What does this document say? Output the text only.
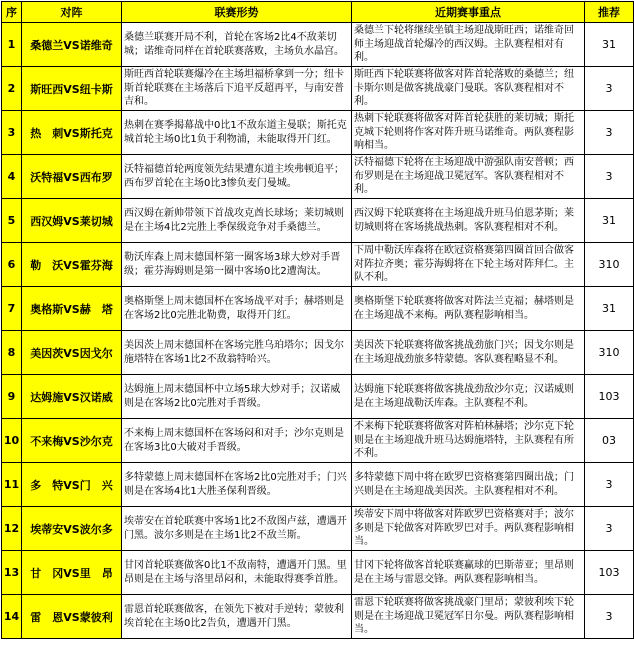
序	对阵	联赛形势	近期赛事重点	推荐
1	桑德兰VS诺维奇	桑德兰联赛开局不利，首轮在客场2比4不敌莱切城；诺维奇同样在首轮联赛落败，主场负水晶宫。	桑德兰下轮将继续坐镇主场迎战斯旺西；诺维奇回师主场迎战首轮爆冷的西汉姆。主队赛程相对有利。	31
2	斯旺西VS纽卡斯	斯旺西首轮联赛爆冷在主场坦福桥拿到一分；纽卡斯首轮联赛在主场落后下追平反超再平，与南安普吉和。	斯旺西下轮联赛将做客对阵首轮落败的桑德兰；纽卡斯尔则是做客挑战豪门曼联。客队赛程相对不利。	3
3	热　刺VS斯托克	热刺在赛季揭幕战中0比1不敌东道主曼联；斯托克城首轮主场0比1负于利物浦，未能取得开门红。	热刺下轮联赛将做客对阵首轮获胜的莱切城；斯托克城下轮则将作客对阵升班马诺维奇。两队赛程影响相当。	3
4	沃特福VS西布罗	沃特福德首轮两度领先结果遭东道主埃弗顿追平；西布罗首轮在主场0比3惨负麦门曼城。	沃特福德下轮将在主场迎战中游强队南安普顿；西布罗则是在主场迎战卫冕冠军。客队赛程相对不利。	3
5	西汉姆VS莱切城	西汉姆在新帅带领下首战攻克酋长球场；莱切城则是在主场4比2完胜上季保级竞争对手桑德兰。	西汉姆下轮联赛将在主场迎战升班马伯恩茅斯；莱切城则将在客场挑战热刺。客队赛程相对不利。	31
6	勒　沃VS霍芬海	勒沃库森上周末德国杯第一圈客场3球大炒对手晋级；霍芬海姆则是第一圈中客场0比2遭淘汰。	下周中勒沃库森将在欧冠资格赛第四圈首回合做客对阵拉齐奥；霍芬海姆将在下轮主场对阵拜仁。主队不利。	310
7	奥格斯VS赫　塔	奥格斯堡上周末德国杯在客场战平对手；赫塔则是在客场2比0完胜北勒费，取得开门红。	奥格斯堡下轮联赛将做客对阵法兰克福；赫塔则是在主场迎战不来梅。两队赛程影响相当。	31
8	美因茨VS因戈尔	美因茨上周末德国杯在客场完胜乌珀塔尔；因戈尔施塔特在客场1比2不敌翁特哈兴。	美因茨下轮联赛将做客挑战劲旅门兴；因戈尔则是在主场迎战劲旅多特蒙德。客队赛程略显不利。	310
9	达姆施VS汉诺威	达姆施上周末德国杯中立场5球大炒对手；汉诺威则是在客场2比0完胜对手晋级。	达姆施下轮联赛将做客挑战劲敌沙尔克；汉诺威则是在主场迎战勒沃库森。主队赛程不利。	103
10	不来梅VS沙尔克	不来梅上周末德国杯在客场闷和对手；沙尔克则是在客场3比0大破对手晋级。	不来梅下轮联赛将做客对阵柏林赫塔；沙尔克下轮则是在主场迎战升班马达姆施塔特，主队赛程有所不利。	03
11	多　特VS门　兴	多特蒙德上周末德国杯在客场2比0完胜对手；门兴则是在客场4比1大胜圣保利晋级。	多特蒙德下周中将在欧罗巴资格赛第四圈出战；门兴则是在主场迎战美因茨。主队赛程相对不利。	3
12	埃蒂安VS波尔多	埃蒂安在首轮联赛中客场1比2不敌图卢兹，遭遇开门黑。波尔多则是在主场1比2不敌兰斯。	埃蒂安下周中将做客对阵欧罗巴资格赛对手；波尔多则是下轮做客对阵欧罗巴对手。两队赛程影响相当。	3
13	甘　冈VS里　昂	甘冈首轮联赛做客0比1不敌南特，遭遇开门黑。里昂则是在主场与洛里昂闷和，未能取得赛季首胜。	甘冈下轮将做客首轮联赛赢球的巴斯蒂亚；里昂则是在主场与雷恩交锋。两队赛程影响相当。	103
14	雷　恩VS蒙彼利	雷恩首轮联赛做客，在领先下被对手逆转；蒙彼利埃首轮在主场0比2告负，遭遇开门黑。	雷恩下轮联赛将做客挑战豪门里昂；蒙彼利埃下轮则是在主场迎战卫冕冠军日尔曼。两队赛程影响相当。	3
